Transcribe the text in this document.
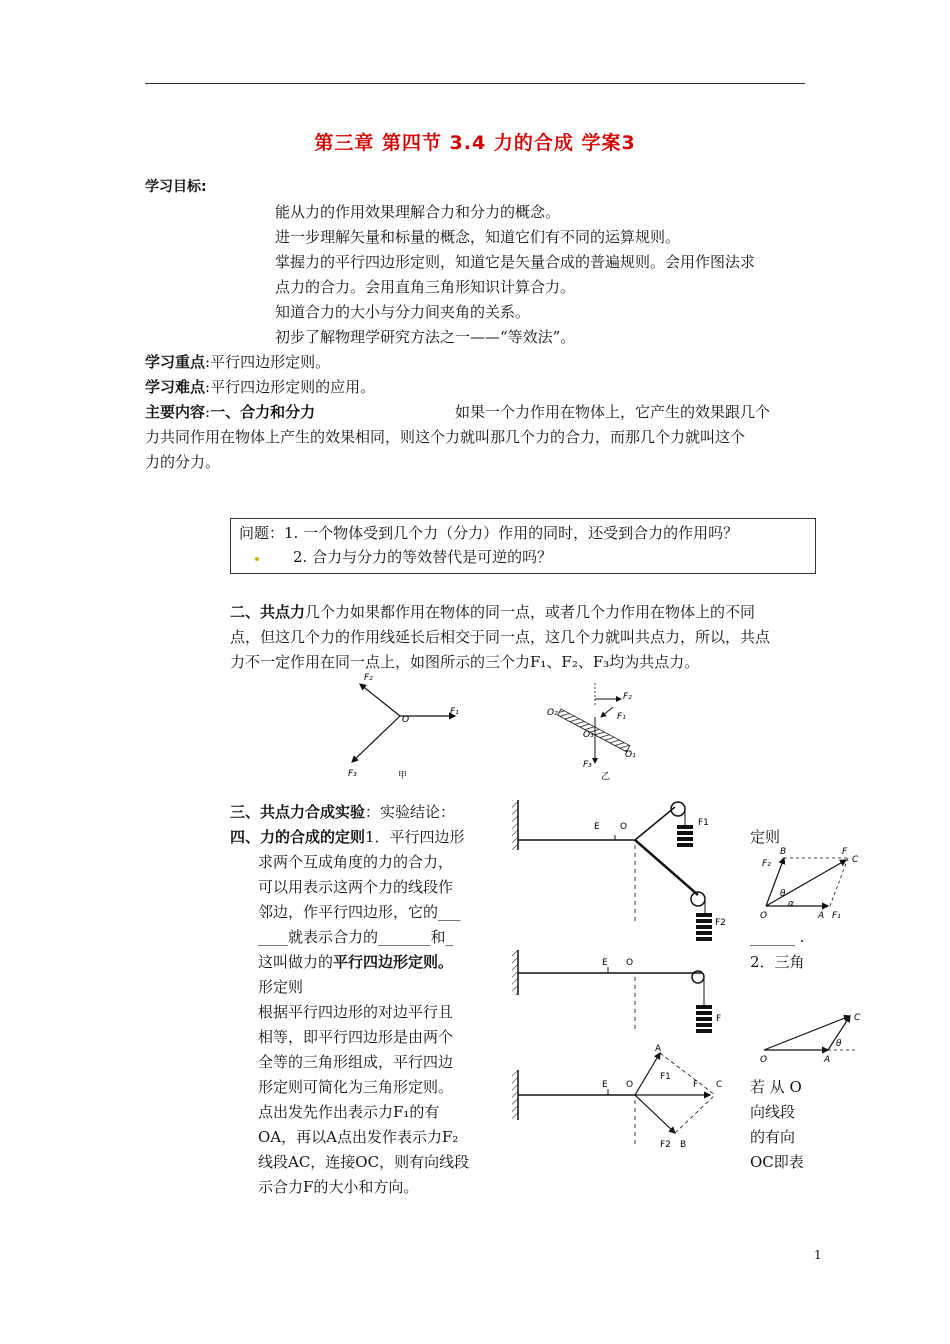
第三章 第四节 3.4 力的合成 学案3
学习目标:
能从力的作用效果理解合力和分力的概念。
进一步理解矢量和标量的概念，知道它们有不同的运算规则。
掌握力的平行四边形定则，知道它是矢量合成的普遍规则。会用作图法求
点力的合力。会用直角三角形知识计算合力。
知道合力的大小与分力间夹角的关系。
初步了解物理学研究方法之一——“等效法”。
学习重点:平行四边形定则。
学习难点:平行四边形定则的应用。
主要内容:一、合力和分力	如果一个力作用在物体上，它产生的效果跟几个
力共同作用在物体上产生的效果相同，则这个力就叫那几个力的合力，而那几个力就叫这个
力的分力。
问题：1. 一个物体受到几个力（分力）作用的同时，还受到合力的作用吗？
2. 合力与分力的等效替代是可逆的吗？
二、共点力几个力如果都作用在物体的同一点，或者几个力作用在物体上的不同
点，但这几个力的作用线延长后相交于同一点，这几个力就叫共点力，所以，共点
力不一定作用在同一点上，如图所示的三个力F₁、F₂、F₃均为共点力。
O
F₁
F₂
F₃	甲
O₂
F₂
F₁
O₃
O₁
F₃
乙
三、共点力合成实验：实验结论：
四、力的合成的定则1．平行四边形	定则
求两个互成角度的力的合力，
可以用表示这两个力的线段作
邻边，作平行四边形，它的___
____就表示合力的_______和_	______ .
这叫做力的平行四边形定则。	2．三角
形定则
根据平行四边形的对边平行且
相等，即平行四边形是由两个
全等的三角形组成，平行四边
形定则可简化为三角形定则。	若 从 O
点出发先作出表示力F₁的有	向线段
OA，再以A点出发作表示力F₂	的有向
线段AC，连接OC，则有向线段	OC即表
示合力F的大小和方向。
E O	F1
F2
E O
F
E O
A
F1
F C
F2 B
B
F₂
F
C
O	A F₁
θ
α
C
O	A
θ
1
